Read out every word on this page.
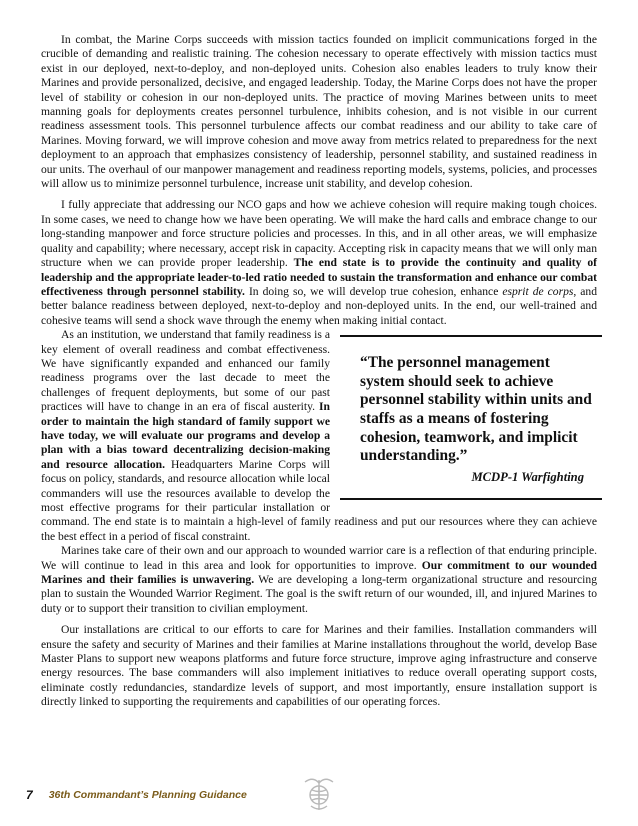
In combat, the Marine Corps succeeds with mission tactics founded on implicit communications forged in the crucible of demanding and realistic training. The cohesion necessary to operate effectively with mission tactics must exist in our deployed, next-to-deploy, and non-deployed units. Cohesion also enables leaders to truly know their Marines and provide personalized, decisive, and engaged leadership. Today, the Marine Corps does not have the proper level of stability or cohesion in our non-deployed units. The practice of moving Marines between units to meet manning goals for deployments creates personnel turbulence, inhibits cohesion, and is not visible in our current readiness assessment tools. This personnel turbulence affects our combat readiness and our ability to take care of Marines. Moving forward, we will improve cohesion and move away from metrics related to preparedness for the next deployment to an approach that emphasizes consistency of leadership, personnel stability, and sustained readiness in our units. The overhaul of our manpower management and readiness reporting models, systems, policies, and processes will allow us to minimize personnel turbulence, increase unit stability, and develop cohesion.

I fully appreciate that addressing our NCO gaps and how we achieve cohesion will require making tough choices. In some cases, we need to change how we have been operating. We will make the hard calls and embrace change to our long-standing manpower and force structure policies and processes. In this, and in all other areas, we will emphasize quality and capability; where necessary, accept risk in capacity. Accepting risk in capacity means that we will only man structure when we can provide proper leadership. The end state is to provide the continuity and quality of leadership and the appropriate leader-to-led ratio needed to sustain the transformation and enhance our combat effectiveness through personnel stability. In doing so, we will develop true cohesion, enhance esprit de corps, and better balance readiness between deployed, next-to-deploy and non-deployed units. In the end, our well-trained and cohesive teams will send a shock wave through the enemy when making initial contact.

“The personnel management system should seek to achieve personnel stability within units and staffs as a means of fostering cohesion, teamwork, and implicit understanding.”
MCDP-1 Warfighting

As an institution, we understand that family readiness is a key element of overall readiness and combat effectiveness. We have significantly expanded and enhanced our family readiness programs over the last decade to meet the challenges of frequent deployments, but some of our past practices will have to change in an era of fiscal austerity. In order to maintain the high standard of family support we have today, we will evaluate our programs and develop a plan with a bias toward decentralizing decision-making and resource allocation. Headquarters Marine Corps will focus on policy, standards, and resource allocation while local commanders will use the resources available to develop the most effective programs for their particular installation or command. The end state is to maintain a high-level of family readiness and put our resources where they can achieve the best effect in a period of fiscal constraint.

Marines take care of their own and our approach to wounded warrior care is a reflection of that enduring principle. We will continue to lead in this area and look for opportunities to improve. Our commitment to our wounded Marines and their families is unwavering. We are developing a long-term organizational structure and resourcing plan to sustain the Wounded Warrior Regiment. The goal is the swift return of our wounded, ill, and injured Marines to duty or to support their transition to civilian employment.

Our installations are critical to our efforts to care for Marines and their families. Installation commanders will ensure the safety and security of Marines and their families at Marine installations throughout the world, develop Base Master Plans to support new weapons platforms and future force structure, improve aging infrastructure and conserve energy resources. The base commanders will also implement initiatives to reduce overall operating support costs, eliminate costly redundancies, standardize levels of support, and most importantly, ensure installation support is directly linked to supporting the requirements and capabilities of our operating forces.

7 36th Commandant’s Planning Guidance
